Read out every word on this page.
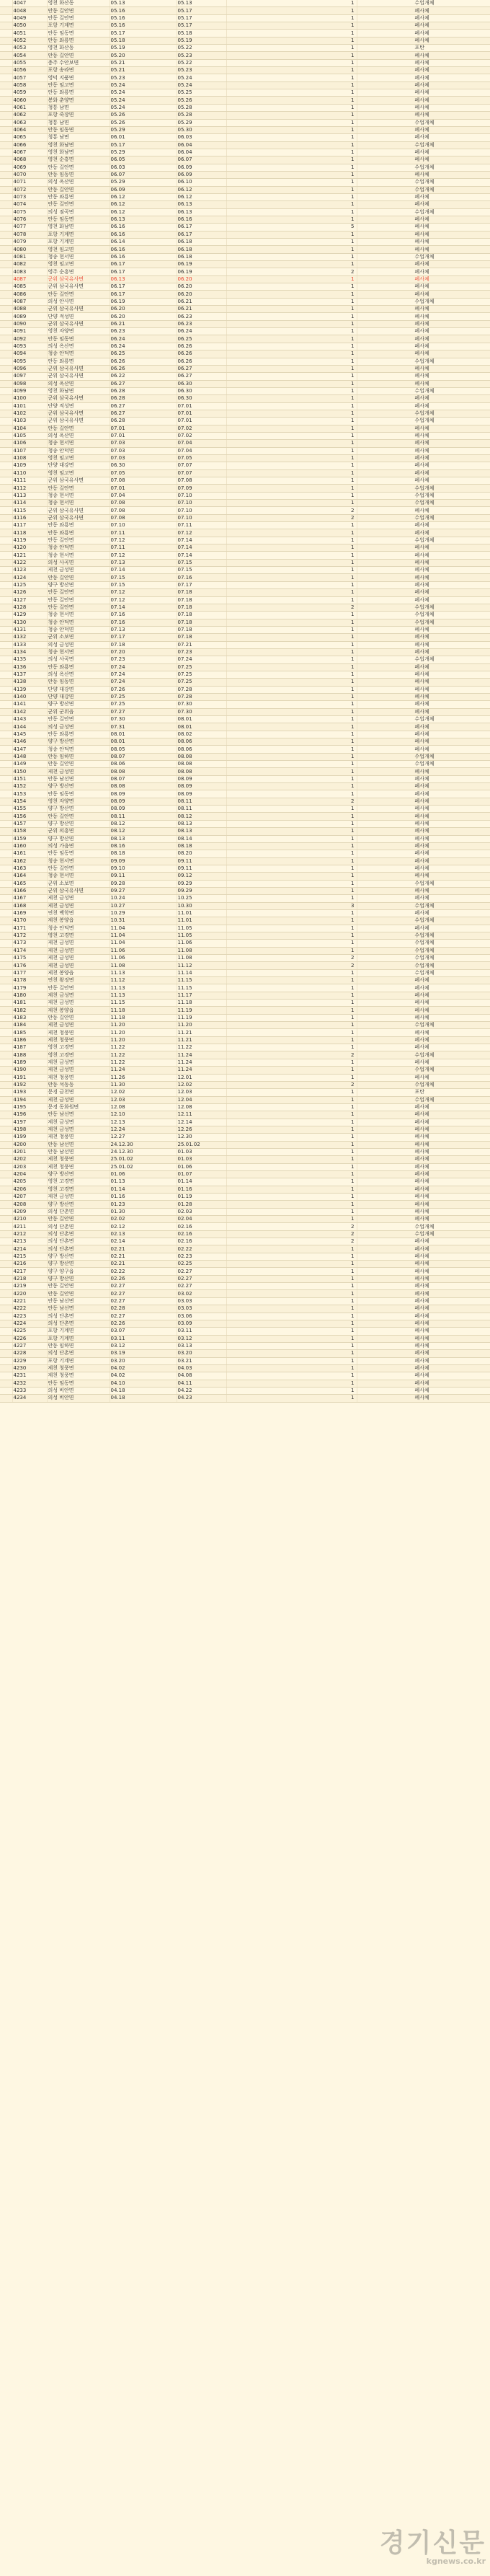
	4047	영천 화산동	05.13	05.13	1	수업개체	
	4048	안동 길안면	05.16	05.17	1	폐사체	
	4049	안동 길안면	05.16	05.17	1	폐사체	
	4050	포항 기계면	05.16	05.17	1	폐사체	
	4051	안동 임동면	05.17	05.18	1	폐사체	
	4052	안동 와룡면	05.18	05.19	1	폐사체	
	4053	영천 화산동	05.19	05.22	1	포탄	
	4054	안동 길안면	05.20	05.23	1	폐사체	
	4055	충주 수안보면	05.21	05.22	1	폐사체	
	4056	포항 송라면	05.21	05.23	1	폐사체	
	4057	영덕 지품면	05.23	05.24	1	폐사체	
	4058	안동 임고면	05.24	05.24	1	폐사체	
	4059	안동 와룡면	05.24	05.25	1	폐사체	
	4060	봉화 춘양면	05.24	05.26	1	폐사체	
	4061	청통 남면	05.24	05.28	1	폐사체	
	4062	포항 죽장면	05.26	05.28	1	폐사체	
	4063	청통 남면	05.26	05.29	1	수업개체	
	4064	안동 임동면	05.29	05.30	1	폐사체	
	4065	청통 남면	06.01	06.03	1	폐사체	
	4066	영천 화남면	05.17	06.04	1	수업개체	
	4067	영천 화남면	05.29	06.04	1	폐사체	
	4068	영천 순흥면	06.05	06.07	1	폐사체	
	4069	안동 길안면	06.03	06.09	1	수업개체	
	4070	안동 임동면	06.07	06.09	1	폐사체	
	4071	의성 옥산면	05.29	06.10	1	수업개체	
	4072	안동 길안면	06.09	06.12	1	수업개체	
	4073	안동 와룡면	06.12	06.12	1	폐사체	
	4074	안동 길안면	06.12	06.13	1	폐사체	
	4075	의성 점곡면	06.12	06.13	1	수업개체	
	4076	안동 임동면	06.13	06.16	1	폐사체	
	4077	영천 화남면	06.16	06.17	5	폐사체	
	4078	포항 기계면	06.16	06.17	1	폐사체	
	4079	포항 기계면	06.14	06.18	1	폐사체	
	4080	영천 임고면	06.16	06.18	1	폐사체	
	4081	청송 현서면	06.16	06.18	1	수업개체	
	4082	영천 임고면	06.17	06.19	1	폐사체	
	4083	영주 순흥면	06.17	06.19	2	폐사체	
	4087	군위 삼국유사면	06.13	06.20	1	폐사체	
	4085	군위 삼국유사면	06.17	06.20	1	폐사체	
	4086	안동 길안면	06.17	06.20	1	폐사체	
	4087	의성 안사면	06.19	06.21	1	수업개체	
	4088	군위 삼국유사면	06.20	06.21	1	폐사체	
	4089	단양 적성면	06.20	06.23	1	폐사체	
	4090	군위 삼국유사면	06.21	06.23	1	폐사체	
	4091	영천 자양면	06.23	06.24	1	폐사체	
	4092	안동 임동면	06.24	06.25	1	폐사체	
	4093	의성 옥산면	06.24	06.26	1	폐사체	
	4094	청송 안덕면	06.25	06.26	1	폐사체	
	4095	안동 와룡면	06.26	06.26	1	수업개체	
	4096	군위 삼국유사면	06.26	06.27	1	폐사체	
	4097	군위 삼국유사면	06.22	06.27	1	폐사체	
	4098	의성 옥산면	06.27	06.30	1	폐사체	
	4099	영천 화남면	06.28	06.30	1	수업개체	
	4100	군위 삼국유사면	06.28	06.30	1	폐사체	
	4101	단양 적성면	06.27	07.01	1	폐사체	
	4102	군위 삼국유사면	06.27	07.01	1	수업개체	
	4103	군위 삼국유사면	06.28	07.01	1	수업개체	
	4104	안동 길안면	07.01	07.02	1	폐사체	
	4105	의성 옥산면	07.01	07.02	1	폐사체	
	4106	청송 현서면	07.03	07.04	1	폐사체	
	4107	청송 안덕면	07.03	07.04	1	폐사체	
	4108	영천 임고면	07.03	07.05	1	폐사체	
	4109	단양 대강면	06.30	07.07	1	폐사체	
	4110	영천 임고면	07.05	07.07	1	폐사체	
	4111	군위 삼국유사면	07.08	07.08	1	폐사체	
	4112	안동 길안면	07.01	07.09	1	수업개체	
	4113	청송 현서면	07.04	07.10	1	수업개체	
	4114	청송 현서면	07.08	07.10	1	수업개체	
	4115	군위 삼국유사면	07.08	07.10	2	폐사체	
	4116	군위 삼국유사면	07.08	07.10	2	수업개체	
	4117	안동 와룡면	07.10	07.11	1	폐사체	
	4118	안동 와룡면	07.11	07.12	1	폐사체	
	4119	안동 길안면	07.12	07.14	1	수업개체	
	4120	청송 안덕면	07.11	07.14	1	폐사체	
	4121	청송 현서면	07.12	07.14	1	폐사체	
	4122	의성 사곡면	07.13	07.15	1	폐사체	
	4123	제천 금성면	07.14	07.15	1	폐사체	
	4124	안동 길안면	07.15	07.16	1	폐사체	
	4125	양구 방산면	07.15	07.17	1	폐사체	
	4126	안동 길안면	07.12	07.18	1	폐사체	
	4127	안동 길안면	07.12	07.18	1	폐사체	
	4128	안동 길안면	07.14	07.18	2	수업개체	
	4129	청송 현서면	07.16	07.18	1	수업개체	
	4130	청송 안덕면	07.16	07.18	1	수업개체	
	4131	청송 안덕면	07.13	07.18	1	폐사체	
	4132	군위 소보면	07.17	07.18	1	폐사체	
	4133	의성 금성면	07.18	07.21	1	폐사체	
	4134	청송 현서면	07.20	07.23	1	폐사체	
	4135	의성 사곡면	07.23	07.24	1	수업개체	
	4136	안동 와룡면	07.24	07.25	1	폐사체	
	4137	의성 옥산면	07.24	07.25	1	폐사체	
	4138	안동 임동면	07.24	07.25	1	폐사체	
	4139	단양 대강면	07.26	07.28	1	폐사체	
	4140	단양 대강면	07.25	07.28	1	폐사체	
	4141	양구 방산면	07.25	07.30	1	폐사체	
	4142	군위 군위읍	07.27	07.30	1	폐사체	
	4143	안동 길안면	07.30	08.01	1	수업개체	
	4144	의성 금성면	07.31	08.01	1	폐사체	
	4145	안동 와룡면	08.01	08.02	1	폐사체	
	4146	양구 방산면	08.01	08.06	1	폐사체	
	4147	청송 안덕면	08.05	08.06	1	폐사체	
	4148	안동 임하면	08.07	08.08	1	수업개체	
	4149	안동 길안면	08.06	08.08	1	수업개체	
	4150	제천 금성면	08.08	08.08	1	폐사체	
	4151	안동 남선면	08.07	08.09	1	폐사체	
	4152	양구 방산면	08.08	08.09	1	폐사체	
	4153	안동 임동면	08.09	08.09	1	폐사체	
	4154	영천 자양면	08.09	08.11	2	폐사체	
	4155	양구 방산면	08.09	08.11	1	폐사체	
	4156	안동 길안면	08.11	08.12	1	폐사체	
	4157	양구 방산면	08.12	08.13	1	폐사체	
	4158	군위 의흥면	08.12	08.13	1	폐사체	
	4159	양구 방산면	08.13	08.14	1	폐사체	
	4160	의성 가음면	08.16	08.18	1	폐사체	
	4161	안동 임동면	08.18	08.20	1	폐사체	
	4162	청송 현서면	09.09	09.11	1	폐사체	
	4163	안동 길안면	09.10	09.11	1	폐사체	
	4164	청송 현서면	09.11	09.12	1	폐사체	
	4165	군위 소보면	09.28	09.29	1	수업개체	
	4166	군위 삼국유사면	09.27	09.29	1	폐사체	
	4167	제천 금성면	10.24	10.25	1	폐사체	
	4168	제천 금성면	10.27	10.30	3	수업개체	
	4169	연천 백학면	10.29	11.01	1	폐사체	
	4170	제천 봉양읍	10.31	11.01	1	수업개체	
	4171	청송 안덕면	11.04	11.05	1	폐사체	
	4172	영천 고경면	11.04	11.05	1	수업개체	
	4173	제천 금성면	11.04	11.06	1	수업개체	
	4174	제천 금성면	11.06	11.08	1	수업개체	
	4175	제천 금성면	11.06	11.08	2	수업개체	
	4176	제천 금성면	11.08	11.12	2	수업개체	
	4177	제천 봉양읍	11.13	11.14	1	수업개체	
	4178	연천 왕징면	11.12	11.15	1	폐사체	
	4179	안동 길안면	11.13	11.15	1	폐사체	
	4180	제천 금성면	11.13	11.17	1	폐사체	
	4181	제천 금성면	11.15	11.18	1	폐사체	
	4182	제천 봉양읍	11.18	11.19	1	폐사체	
	4183	안동 길안면	11.18	11.19	1	폐사체	
	4184	제천 금성면	11.20	11.20	1	수업개체	
	4185	제천 청풍면	11.20	11.21	1	폐사체	
	4186	제천 청풍면	11.20	11.21	1	폐사체	
	4187	영천 고경면	11.22	11.22	1	폐사체	
	4188	영천 고경면	11.22	11.24	2	수업개체	
	4189	제천 금성면	11.22	11.24	1	폐사체	
	4190	제천 금성면	11.24	11.24	1	수업개체	
	4191	제천 청풍면	11.26	12.01	1	폐사체	
	4192	안동 석동동	11.30	12.02	2	수업개체	
	4193	문경 금천면	12.02	12.03	1	포탄	
	4194	제천 금성면	12.03	12.04	1	수업개체	
	4195	문경 동화원면	12.08	12.08	1	폐사체	
	4196	안동 남선면	12.10	12.11	1	폐사체	
	4197	제천 금성면	12.13	12.14	1	폐사체	
	4198	제천 금성면	12.24	12.26	1	폐사체	
	4199	제천 청풍면	12.27	12.30	1	폐사체	
	4200	안동 남선면	24.12.30	25.01.02	1	폐사체	
	4201	안동 남선면	24.12.30	01.03	1	폐사체	
	4202	제천 청풍면	25.01.02	01.03	1	폐사체	
	4203	제천 청풍면	25.01.02	01.06	1	폐사체	
	4204	양구 방산면	01.06	01.07	1	폐사체	
	4205	영천 고경면	01.13	01.14	1	폐사체	
	4206	영천 고경면	01.14	01.16	1	폐사체	
	4207	제천 금성면	01.16	01.19	1	폐사체	
	4208	양구 방산면	01.23	01.28	1	폐사체	
	4209	의성 단촌면	01.30	02.03	1	폐사체	
	4210	안동 길안면	02.02	02.04	1	폐사체	
	4211	의성 단촌면	02.12	02.16	2	수업개체	
	4212	의성 단촌면	02.13	02.16	2	수업개체	
	4213	의성 단촌면	02.14	02.16	2	폐사체	
	4214	의성 단촌면	02.21	02.22	1	폐사체	
	4215	양구 방산면	02.21	02.23	1	폐사체	
	4216	양구 방산면	02.21	02.25	1	폐사체	
	4217	양구 양구읍	02.22	02.27	1	폐사체	
	4218	양구 방산면	02.26	02.27	1	폐사체	
	4219	안동 길안면	02.27	02.27	1	폐사체	
	4220	안동 길안면	02.27	03.02	1	폐사체	
	4221	안동 남선면	02.27	03.03	1	폐사체	
	4222	안동 남선면	02.28	03.03	1	폐사체	
	4223	의성 단촌면	02.27	03.06	1	폐사체	
	4224	의성 단촌면	02.26	03.09	1	폐사체	
	4225	포항 기계면	03.07	03.11	1	폐사체	
	4226	포항 기계면	03.11	03.12	1	폐사체	
	4227	안동 임하면	03.12	03.13	1	폐사체	
	4228	의성 단촌면	03.19	03.20	1	폐사체	
	4229	포항 기계면	03.20	03.21	1	폐사체	
	4230	제천 청풍면	04.02	04.03	1	폐사체	
	4231	제천 청풍면	04.02	04.08	1	폐사체	
	4232	안동 임동면	04.10	04.11	1	폐사체	
	4233	의성 비안면	04.18	04.22	1	폐사체	
	4234	의성 비안면	04.18	04.23	1	폐사체	
경기신문
kgnews.co.kr
